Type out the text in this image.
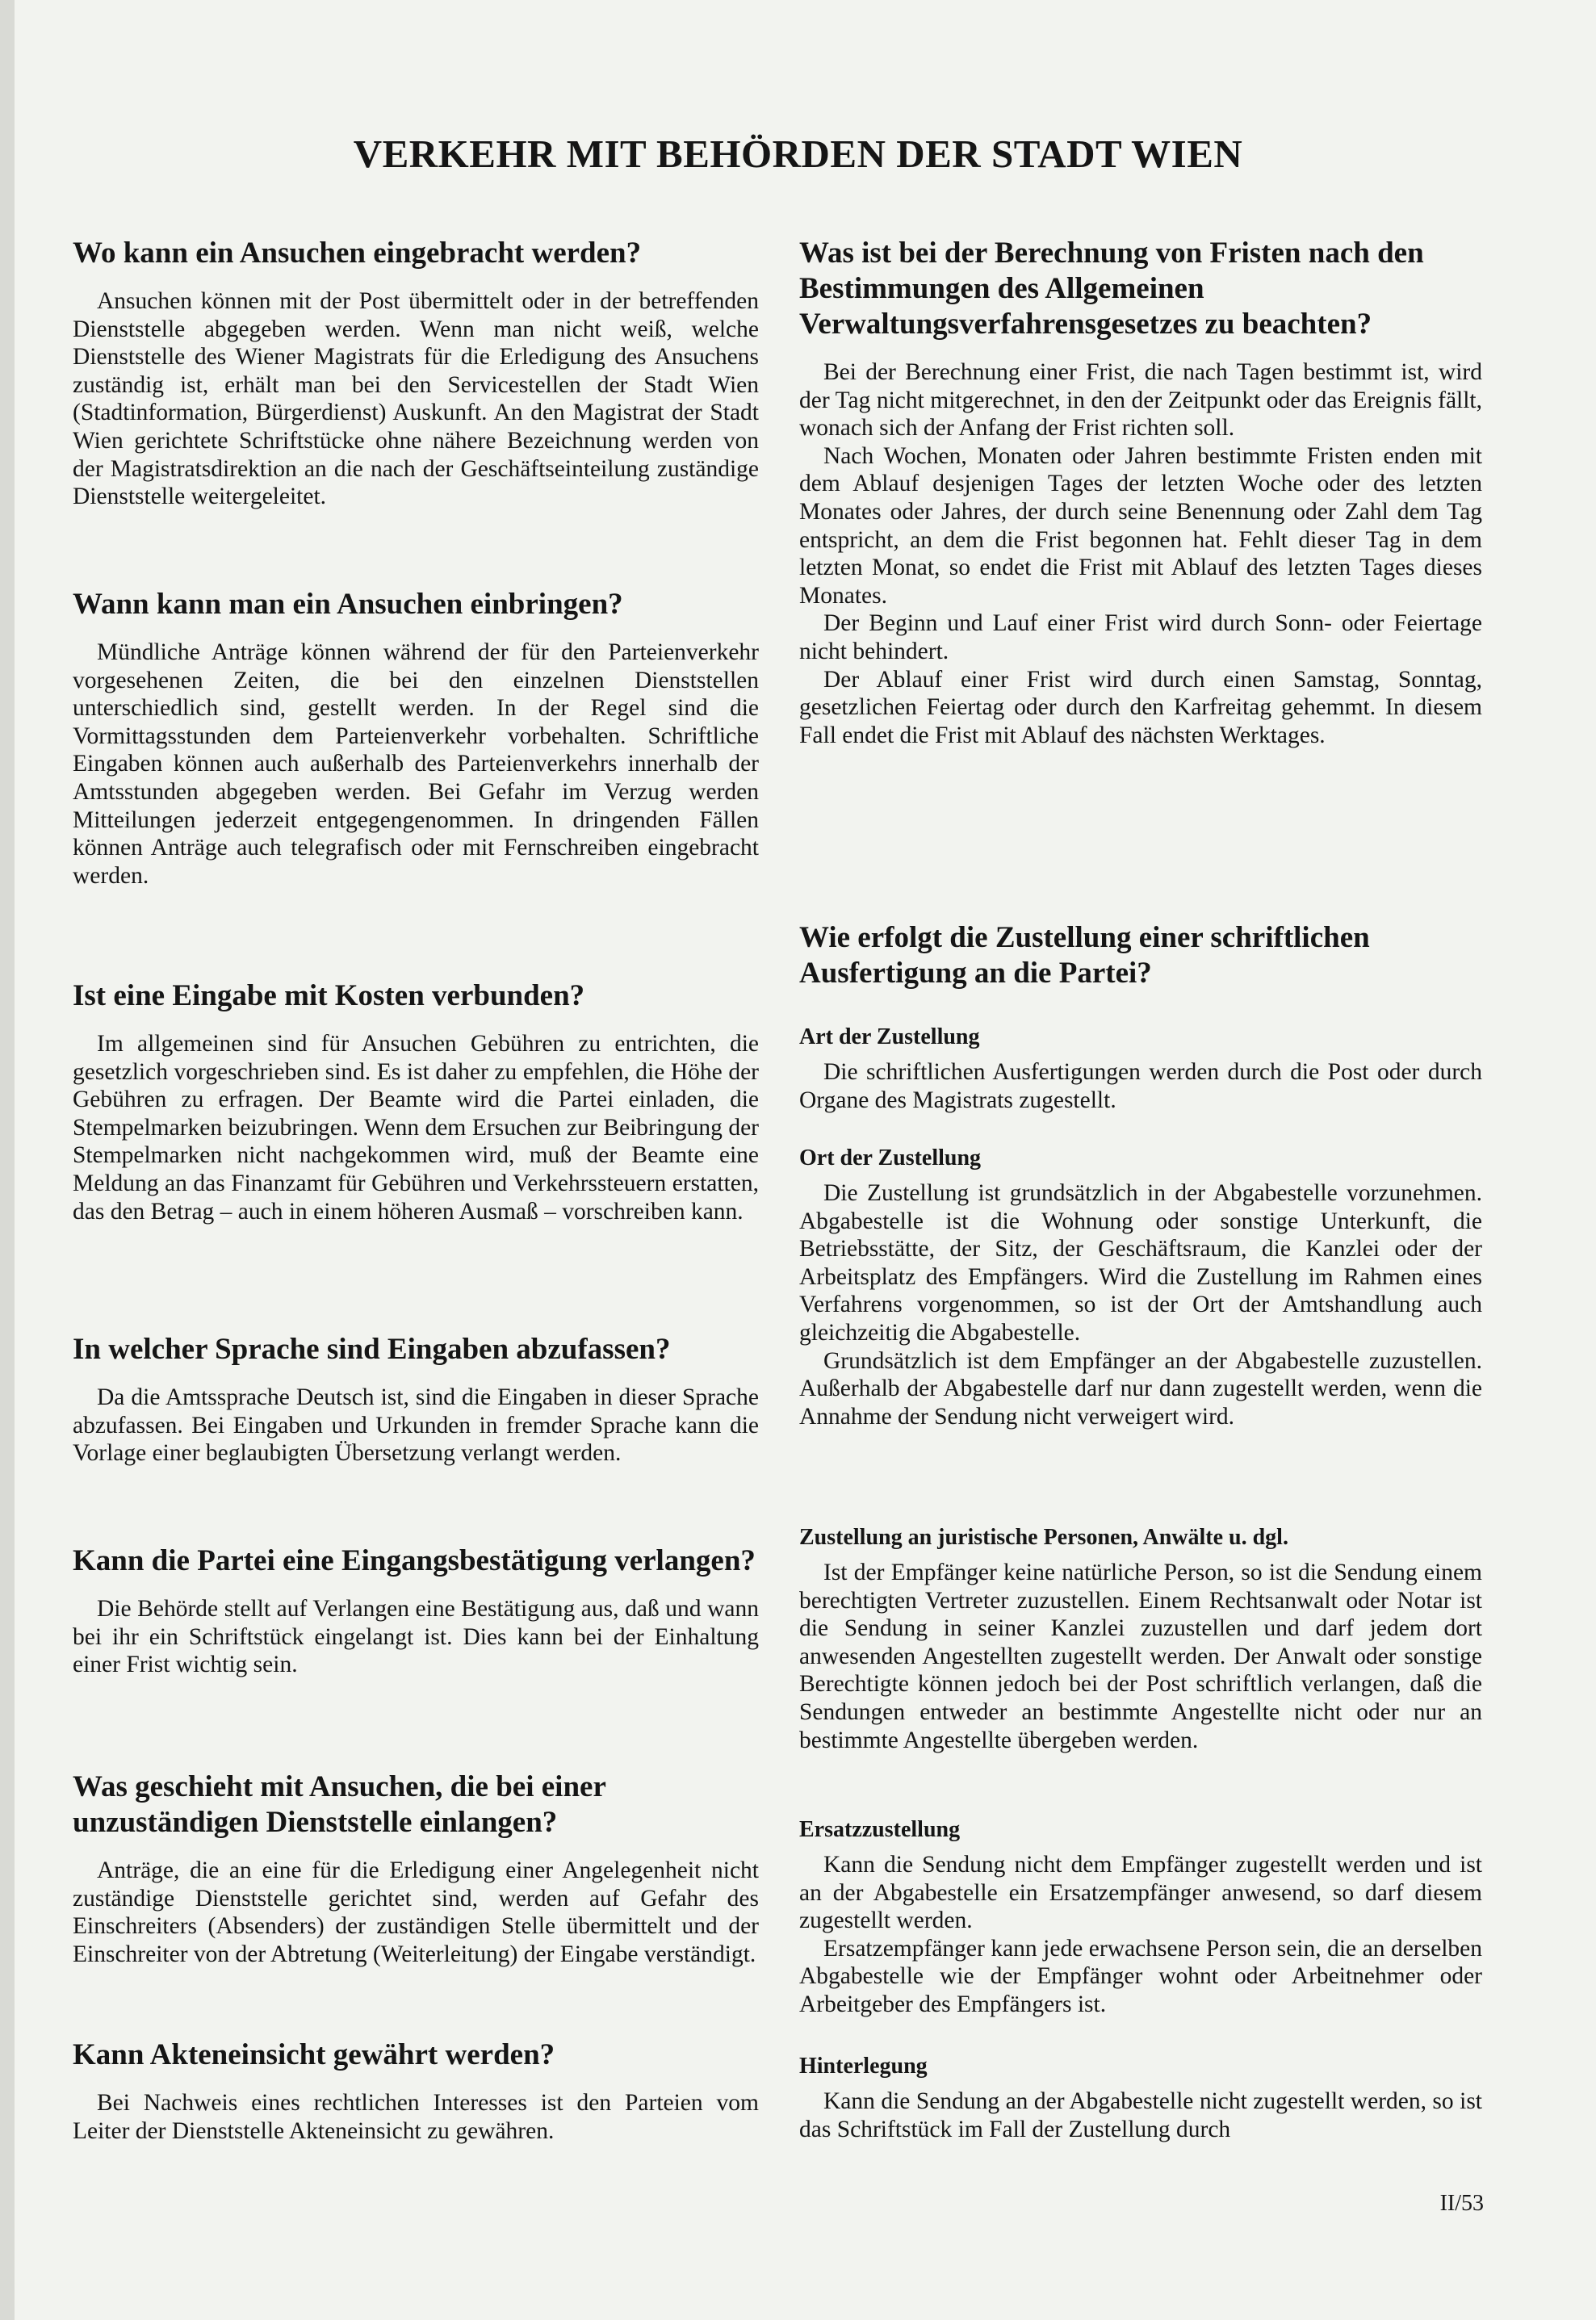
VERKEHR MIT BEHÖRDEN DER STADT WIEN
Wo kann ein Ansuchen eingebracht werden?

Ansuchen können mit der Post übermittelt oder in der betreffenden Dienststelle abgegeben werden. Wenn man nicht weiß, welche Dienststelle des Wiener Magistrats für die Erledigung des Ansuchens zuständig ist, erhält man bei den Servicestellen der Stadt Wien (Stadtinformation, Bürgerdienst) Auskunft. An den Magistrat der Stadt Wien gerichtete Schriftstücke ohne nähere Bezeichnung werden von der Magistratsdirektion an die nach der Geschäftseinteilung zuständige Dienststelle weitergeleitet.

Wann kann man ein Ansuchen einbringen?

Mündliche Anträge können während der für den Parteienverkehr vorgesehenen Zeiten, die bei den einzelnen Dienststellen unterschiedlich sind, gestellt werden. In der Regel sind die Vormittagsstunden dem Parteienverkehr vorbehalten. Schriftliche Eingaben können auch außerhalb des Parteienverkehrs innerhalb der Amtsstunden abgegeben werden. Bei Gefahr im Verzug werden Mitteilungen jederzeit entgegengenommen. In dringenden Fällen können Anträge auch telegrafisch oder mit Fernschreiben eingebracht werden.

Ist eine Eingabe mit Kosten verbunden?

Im allgemeinen sind für Ansuchen Gebühren zu entrichten, die gesetzlich vorgeschrieben sind. Es ist daher zu empfehlen, die Höhe der Gebühren zu erfragen. Der Beamte wird die Partei einladen, die Stempelmarken beizubringen. Wenn dem Ersuchen zur Beibringung der Stempelmarken nicht nachgekommen wird, muß der Beamte eine Meldung an das Finanzamt für Gebühren und Verkehrssteuern erstatten, das den Betrag – auch in einem höheren Ausmaß – vorschreiben kann.

In welcher Sprache sind Eingaben abzufassen?

Da die Amtssprache Deutsch ist, sind die Eingaben in dieser Sprache abzufassen. Bei Eingaben und Urkunden in fremder Sprache kann die Vorlage einer beglaubigten Übersetzung verlangt werden.

Kann die Partei eine Eingangsbestätigung verlangen?

Die Behörde stellt auf Verlangen eine Bestätigung aus, daß und wann bei ihr ein Schriftstück eingelangt ist. Dies kann bei der Einhaltung einer Frist wichtig sein.

Was geschieht mit Ansuchen, die bei einer unzuständigen Dienststelle einlangen?

Anträge, die an eine für die Erledigung einer Angelegenheit nicht zuständige Dienststelle gerichtet sind, werden auf Gefahr des Einschreiters (Absenders) der zuständigen Stelle übermittelt und der Einschreiter von der Abtretung (Weiterleitung) der Eingabe verständigt.

Kann Akteneinsicht gewährt werden?

Bei Nachweis eines rechtlichen Interesses ist den Parteien vom Leiter der Dienststelle Akteneinsicht zu gewähren.

Was ist bei der Berechnung von Fristen nach den Bestimmungen des Allgemeinen Verwaltungsverfahrensgesetzes zu beachten?

Bei der Berechnung einer Frist, die nach Tagen bestimmt ist, wird der Tag nicht mitgerechnet, in den der Zeitpunkt oder das Ereignis fällt, wonach sich der Anfang der Frist richten soll.

Nach Wochen, Monaten oder Jahren bestimmte Fristen enden mit dem Ablauf desjenigen Tages der letzten Woche oder des letzten Monates oder Jahres, der durch seine Benennung oder Zahl dem Tag entspricht, an dem die Frist begonnen hat. Fehlt dieser Tag in dem letzten Monat, so endet die Frist mit Ablauf des letzten Tages dieses Monates.

Der Beginn und Lauf einer Frist wird durch Sonn- oder Feiertage nicht behindert.

Der Ablauf einer Frist wird durch einen Samstag, Sonntag, gesetzlichen Feiertag oder durch den Karfreitag gehemmt. In diesem Fall endet die Frist mit Ablauf des nächsten Werktages.

Wie erfolgt die Zustellung einer schriftlichen Ausfertigung an die Partei?
Art der Zustellung

Die schriftlichen Ausfertigungen werden durch die Post oder durch Organe des Magistrats zugestellt.

Ort der Zustellung

Die Zustellung ist grundsätzlich in der Abgabestelle vorzunehmen. Abgabestelle ist die Wohnung oder sonstige Unterkunft, die Betriebsstätte, der Sitz, der Geschäftsraum, die Kanzlei oder der Arbeitsplatz des Empfängers. Wird die Zustellung im Rahmen eines Verfahrens vorgenommen, so ist der Ort der Amtshandlung auch gleichzeitig die Abgabestelle.

Grundsätzlich ist dem Empfänger an der Abgabestelle zuzustellen. Außerhalb der Abgabestelle darf nur dann zugestellt werden, wenn die Annahme der Sendung nicht verweigert wird.

Zustellung an juristische Personen, Anwälte u. dgl.

Ist der Empfänger keine natürliche Person, so ist die Sendung einem berechtigten Vertreter zuzustellen. Einem Rechtsanwalt oder Notar ist die Sendung in seiner Kanzlei zuzustellen und darf jedem dort anwesenden Angestellten zugestellt werden. Der Anwalt oder sonstige Berechtigte können jedoch bei der Post schriftlich verlangen, daß die Sendungen entweder an bestimmte Angestellte nicht oder nur an bestimmte Angestellte übergeben werden.

Ersatzzustellung

Kann die Sendung nicht dem Empfänger zugestellt werden und ist an der Abgabestelle ein Ersatzempfänger anwesend, so darf diesem zugestellt werden.

Ersatzempfänger kann jede erwachsene Person sein, die an derselben Abgabestelle wie der Empfänger wohnt oder Arbeitnehmer oder Arbeitgeber des Empfängers ist.

Hinterlegung

Kann die Sendung an der Abgabestelle nicht zugestellt werden, so ist das Schriftstück im Fall der Zustellung durch

II/53
